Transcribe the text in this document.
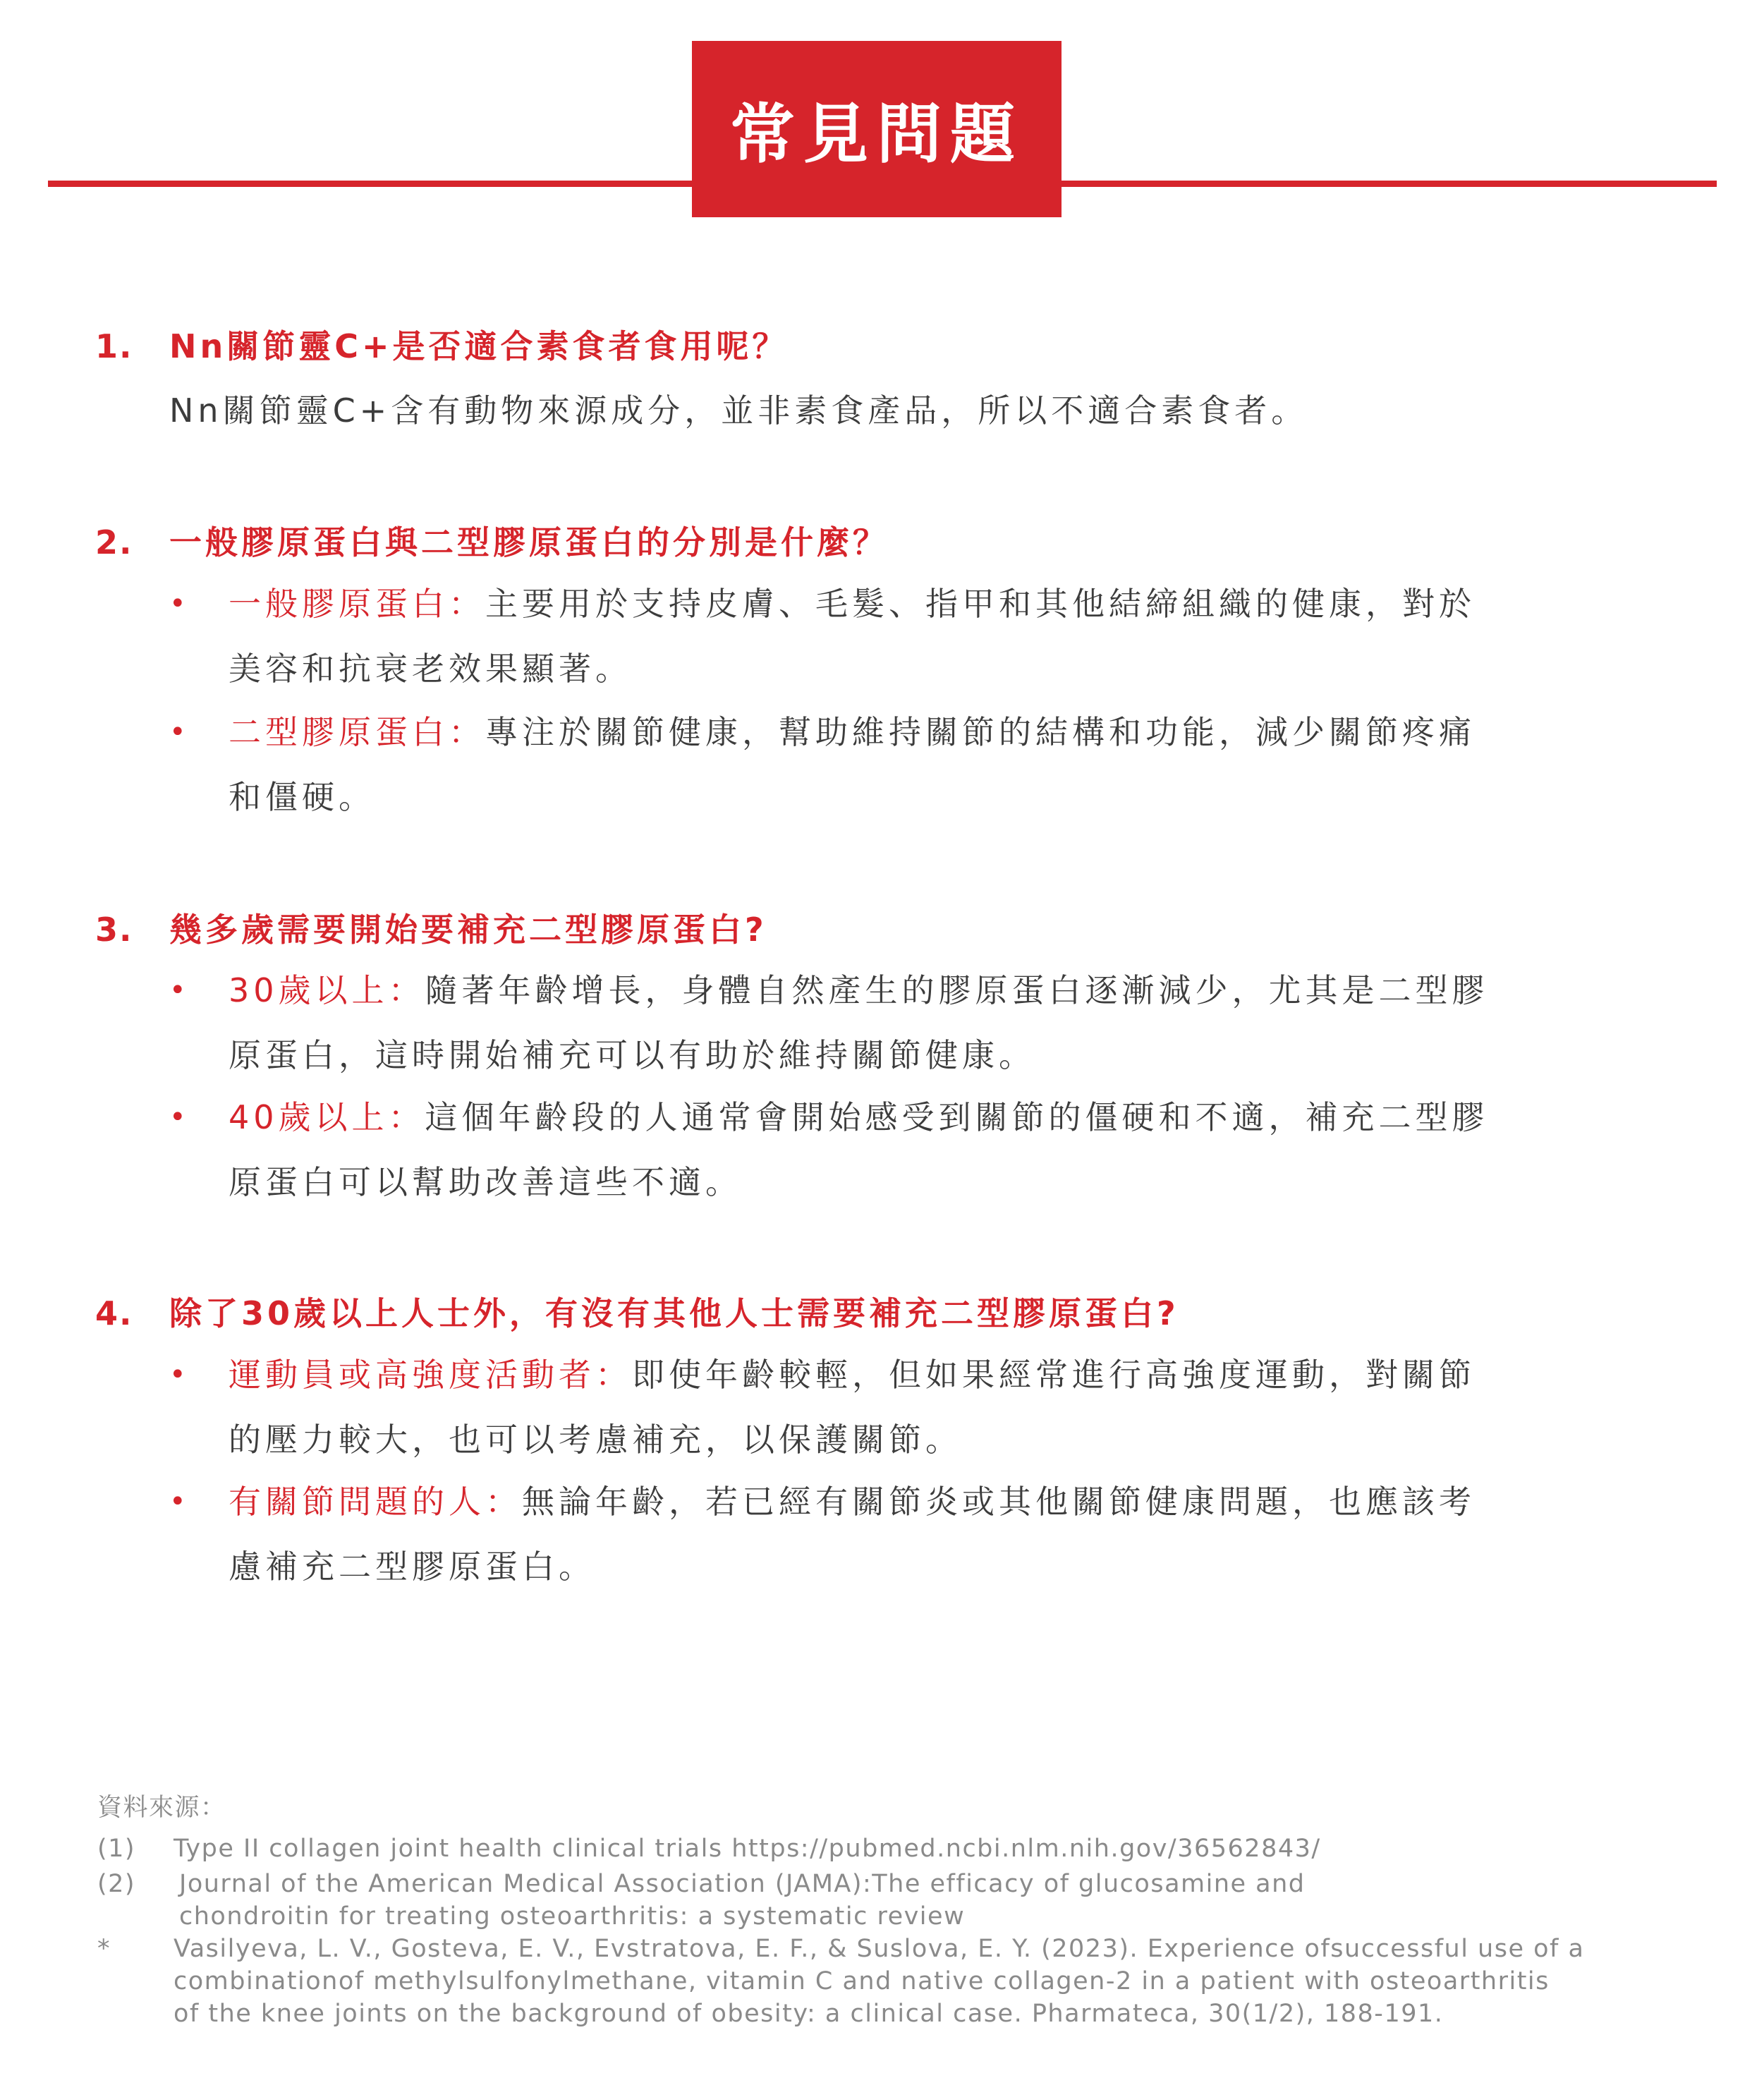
常見問題
1. Nn關節靈C+是否適合素食者食用呢？
Nn關節靈C+含有動物來源成分，並非素食產品，所以不適合素食者。
2. 一般膠原蛋白與二型膠原蛋白的分別是什麼？
•	一般膠原蛋白：主要用於支持皮膚、毛髮、指甲和其他結締組織的健康，對於
美容和抗衰老效果顯著。
•	二型膠原蛋白：專注於關節健康，幫助維持關節的結構和功能，減少關節疼痛
和僵硬。
3. 幾多歲需要開始要補充二型膠原蛋白?
•	30歲以上：隨著年齡增長，身體自然產生的膠原蛋白逐漸減少，尤其是二型膠
原蛋白，這時開始補充可以有助於維持關節健康。
•	40歲以上：這個年齡段的人通常會開始感受到關節的僵硬和不適，補充二型膠
原蛋白可以幫助改善這些不適。
4. 除了30歲以上人士外，有沒有其他人士需要補充二型膠原蛋白?
•	運動員或高強度活動者：即使年齡較輕，但如果經常進行高強度運動，對關節
的壓力較大，也可以考慮補充，以保護關節。
•	有關節問題的人：無論年齡，若已經有關節炎或其他關節健康問題，也應該考
慮補充二型膠原蛋白。
資料來源：
(1)	Type II collagen joint health clinical trials https://pubmed.ncbi.nlm.nih.gov/36562843/
(2)	Journal of the American Medical Association (JAMA):The efficacy of glucosamine and
chondroitin for treating osteoarthritis: a systematic review
*	Vasilyeva, L. V., Gosteva, E. V., Evstratova, E. F., & Suslova, E. Y. (2023). Experience ofsuccessful use of a
combinationof methylsulfonylmethane, vitamin C and native collagen-2 in a patient with osteoarthritis
of the knee joints on the background of obesity: a clinical case. Pharmateca, 30(1/2), 188-191.
